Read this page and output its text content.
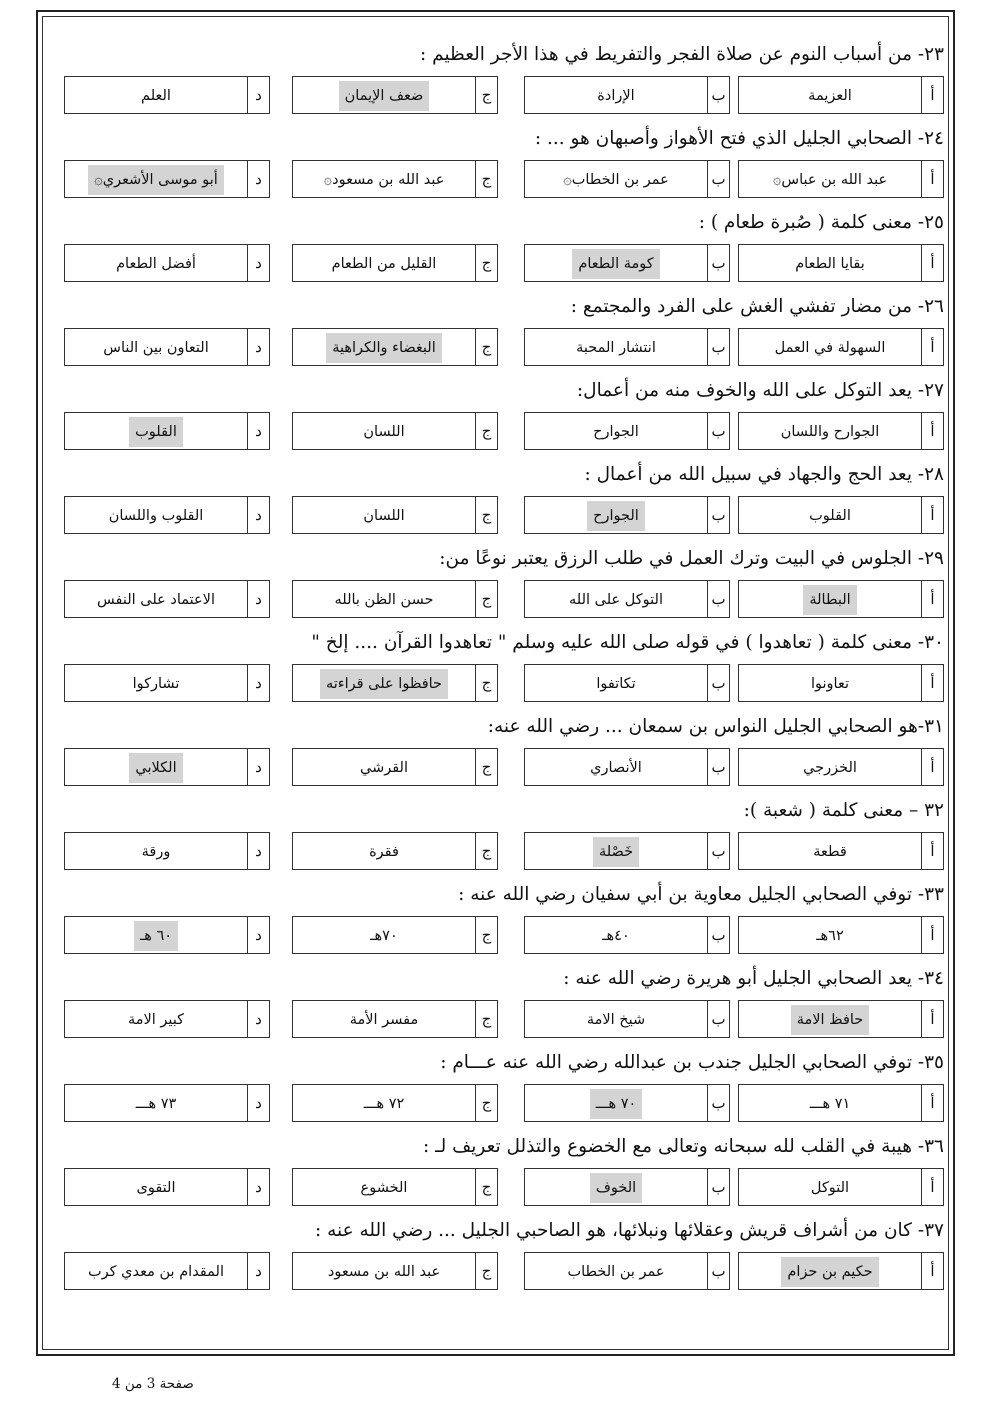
٢٣- من أسباب النوم عن صلاة الفجر والتفريط في هذا الأجر العظيم :
أ
العزيمة
ب
الإرادة
ج
ضعف الإيمان
د
العلم
٢٤- الصحابي الجليل الذي فتح الأهواز وأصبهان هو ... :
أ
عبد الله بن عباس۞
ب
عمر بن الخطاب۞
ج
عبد الله بن مسعود۞
د
أبو موسى الأشعري۞
٢٥- معنى كلمة ( صُبرة طعام ) :
أ
بقايا الطعام
ب
كومة الطعام
ج
القليل من الطعام
د
أفضل الطعام
٢٦- من مضار تفشي الغش على الفرد والمجتمع :
أ
السهولة في العمل
ب
انتشار المحبة
ج
البغضاء والكراهية
د
التعاون بين الناس
٢٧- يعد التوكل على الله والخوف منه من أعمال:
أ
الجوارح واللسان
ب
الجوارح
ج
اللسان
د
القلوب
٢٨- يعد الحج والجهاد في سبيل الله من أعمال :
أ
القلوب
ب
الجوارح
ج
اللسان
د
القلوب واللسان
٢٩- الجلوس في البيت وترك العمل في طلب الرزق يعتبر نوعًا من:
أ
البطالة
ب
التوكل على الله
ج
حسن الظن بالله
د
الاعتماد على النفس
٣٠- معنى كلمة ( تعاهدوا ) في قوله صلى الله عليه وسلم " تعاهدوا القرآن .... إلخ "
أ
تعاونوا
ب
تكاتفوا
ج
حافظوا على قراءته
د
تشاركوا
٣١-هو الصحابي الجليل النواس بن سمعان ... رضي الله عنه:
أ
الخزرجي
ب
الأنصاري
ج
القرشي
د
الكلابي
٣٢ – معنى كلمة ( شعبة ):
أ
قطعة
ب
خَصْلة
ج
فقرة
د
ورقة
٣٣- توفي الصحابي الجليل معاوية بن أبي سفيان رضي الله عنه :
أ
٦٢هـ
ب
٤٠هـ
ج
٧٠هـ
د
٦٠ هـ
٣٤- يعد الصحابي الجليل أبو هريرة رضي الله عنه :
أ
حافظ الامة
ب
شيخ الامة
ج
مفسر الأمة
د
كبير الامة
٣٥- توفي الصحابي الجليل جندب بن عبدالله رضي الله عنه عـــام :
أ
٧١ هـــ
ب
٧٠ هـــ
ج
٧٢ هـــ
د
٧٣ هـــ
٣٦- هيبة في القلب لله سبحانه وتعالى مع الخضوع والتذلل تعريف لـ :
أ
التوكل
ب
الخوف
ج
الخشوع
د
التقوى
٣٧- كان من أشراف قريش وعقلائها ونبلائها، هو الصاحبي الجليل ... رضي الله عنه :
أ
حكيم بن حزام
ب
عمر بن الخطاب
ج
عبد الله بن مسعود
د
المقدام بن معدي كرب
صفحة 3 من 4
